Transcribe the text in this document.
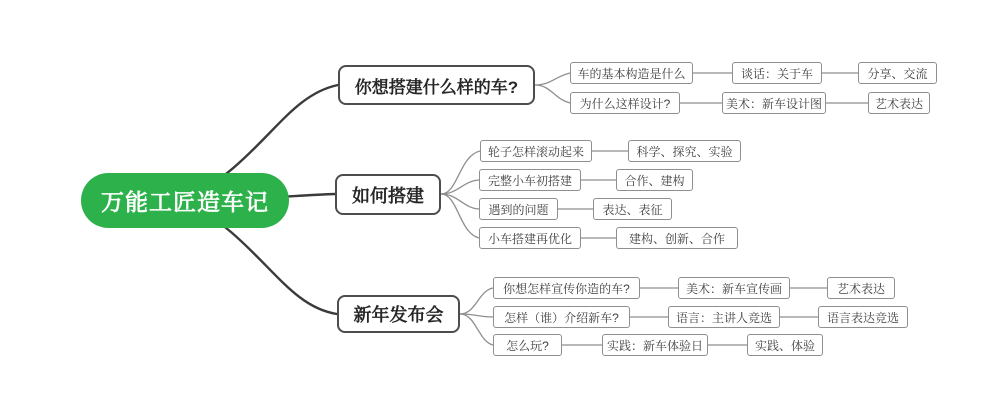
万能工匠造车记
你想搭建什么样的车?
车的基本构造是什么	谈话：关于车	分享、交流
为什么这样设计?	美术：新车设计图	艺术表达
如何搭建
轮子怎样滚动起来	科学、探究、实验
完整小车初搭建	合作、建构
遇到的问题	表达、表征
小车搭建再优化	建构、创新、合作
新年发布会
你想怎样宣传你造的车?	美术：新车宣传画	艺术表达
怎样（谁）介绍新车?	语言：主讲人竞选	语言表达竞选
怎么玩?	实践：新车体验日	实践、体验
